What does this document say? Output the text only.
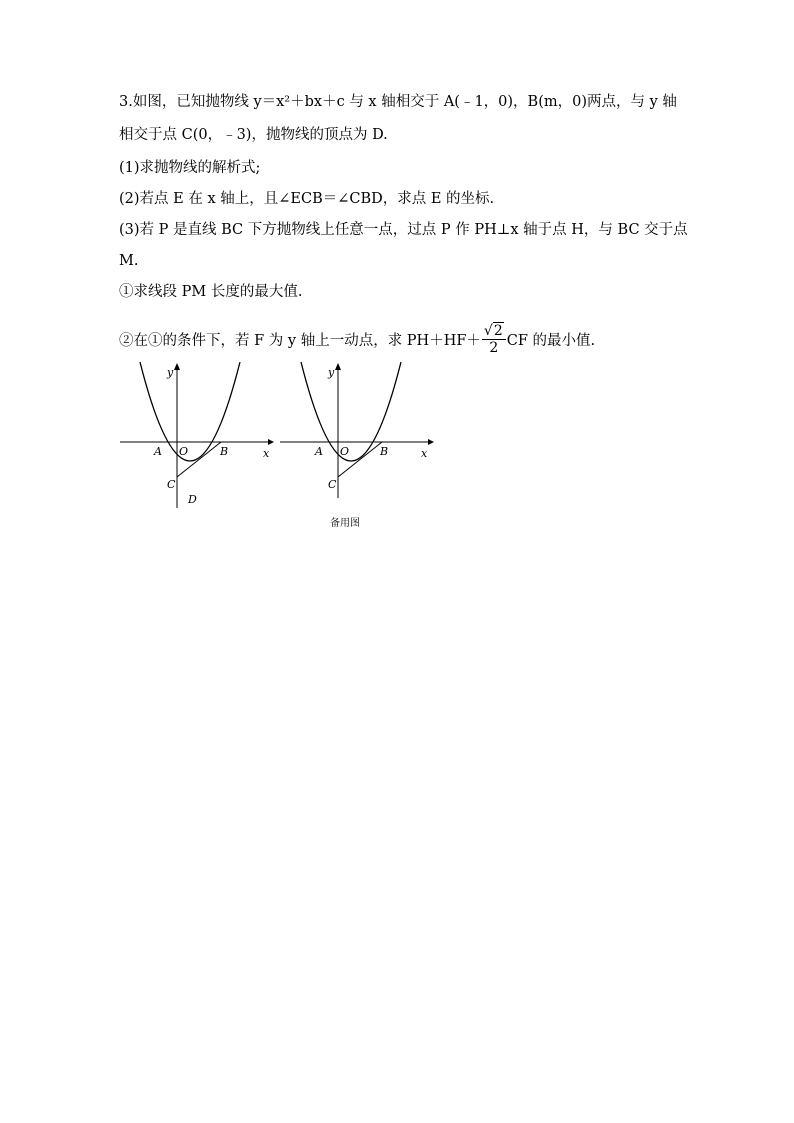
3.如图，已知抛物线 y＝x²＋bx＋c 与 x 轴相交于 A(﹣1，0)，B(m，0)两点，与 y 轴
相交于点 C(0，﹣3)，抛物线的顶点为 D.
(1)求抛物线的解析式;
(2)若点 E 在 x 轴上，且∠ECB＝∠CBD，求点 E 的坐标.
(3)若 P 是直线 BC 下方抛物线上任意一点，过点 P 作 PH⊥x 轴于点 H，与 BC 交于点
M.
①求线段 PM 长度的最大值.
②在①的条件下，若 F 为 y 轴上一动点，求 $PH+HF+ \frac{√2}{2}$ CF 的最小值.
y
x
A O	B
C
D
y
x
A O	B
C
备用图
